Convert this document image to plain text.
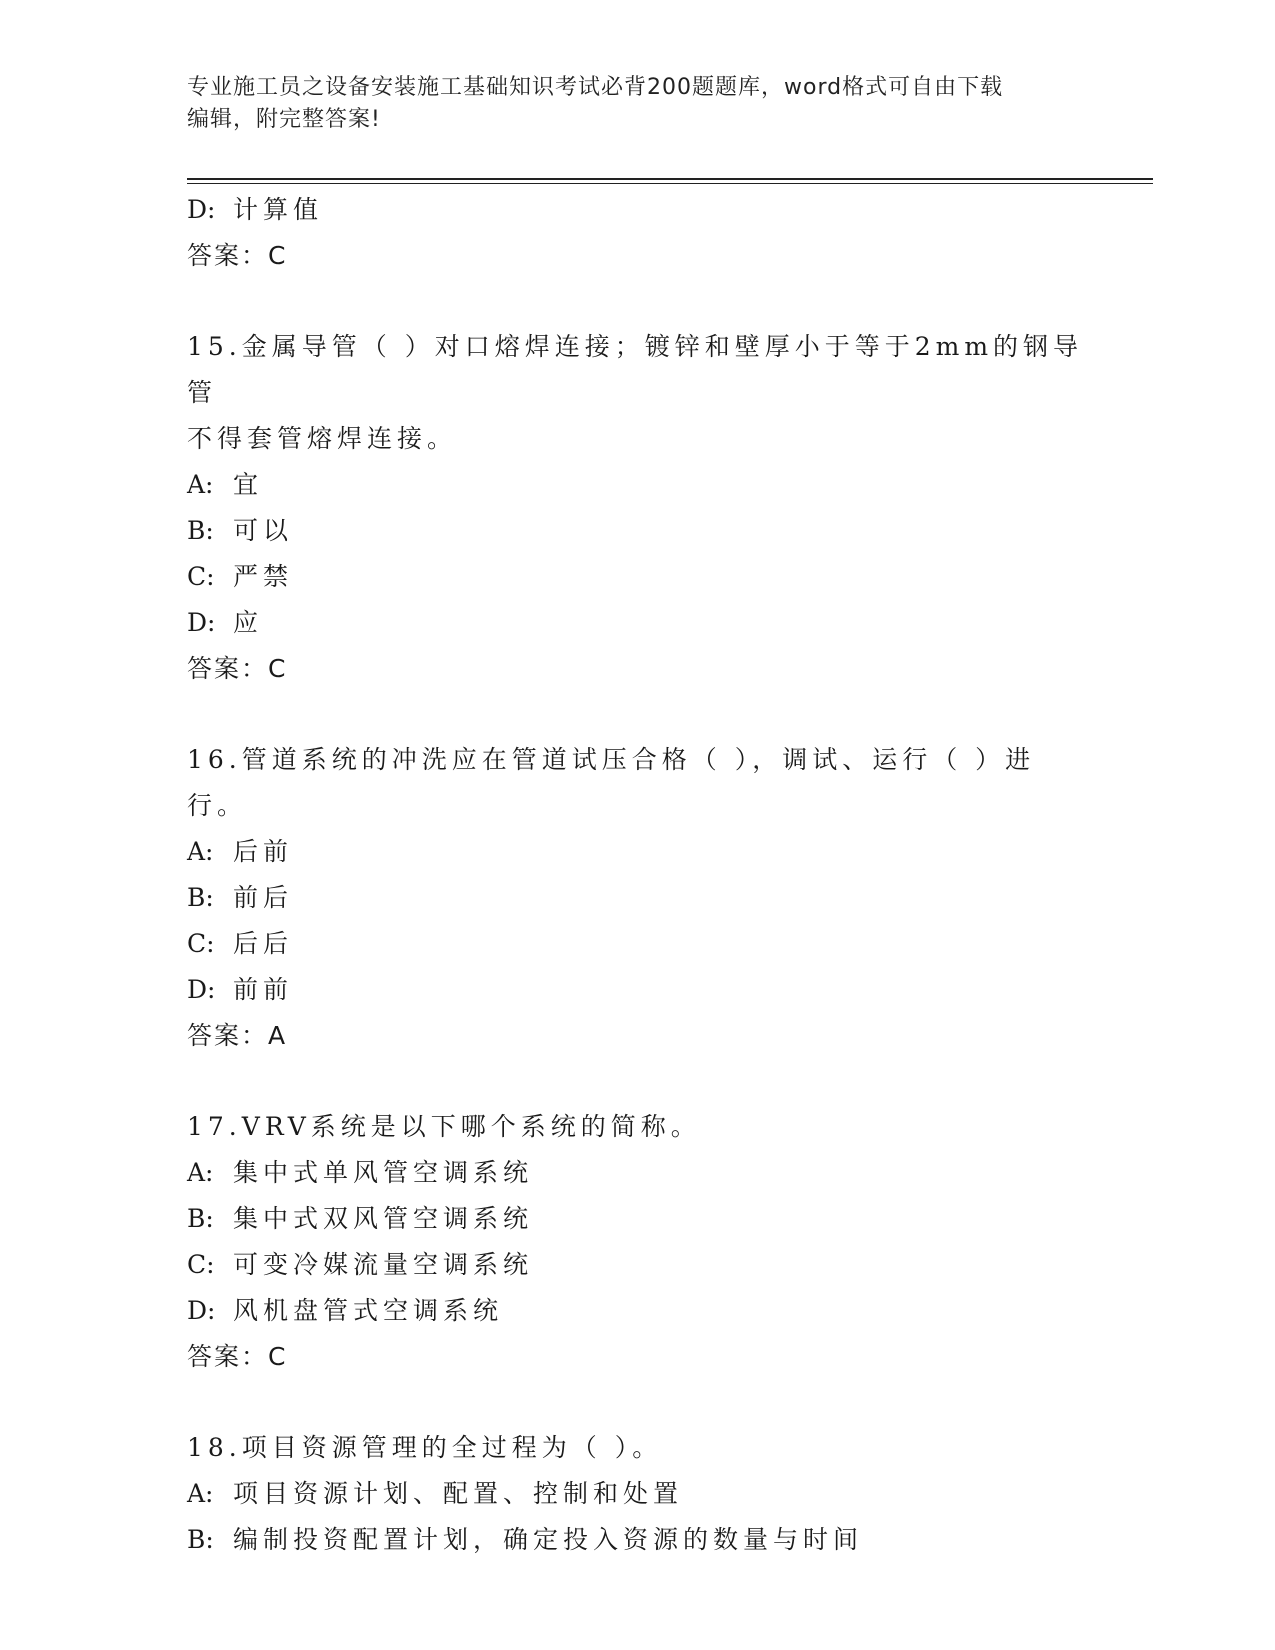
专业施工员之设备安装施工基础知识考试必背200题题库，word格式可自由下载
编辑，附完整答案!
D: 计算值
答案：C
15.金属导管（ ）对口熔焊连接；镀锌和壁厚小于等于2mm的钢导管
不得套管熔焊连接。
A: 宜
B: 可以
C: 严禁
D: 应
答案：C
16.管道系统的冲洗应在管道试压合格（ ），调试、运行（ ）进行。
A: 后前
B: 前后
C: 后后
D: 前前
答案：A
17.VRV系统是以下哪个系统的简称。
A: 集中式单风管空调系统
B: 集中式双风管空调系统
C: 可变冷媒流量空调系统
D: 风机盘管式空调系统
答案：C
18.项目资源管理的全过程为（ ）。
A: 项目资源计划、配置、控制和处置
B: 编制投资配置计划，确定投入资源的数量与时间
